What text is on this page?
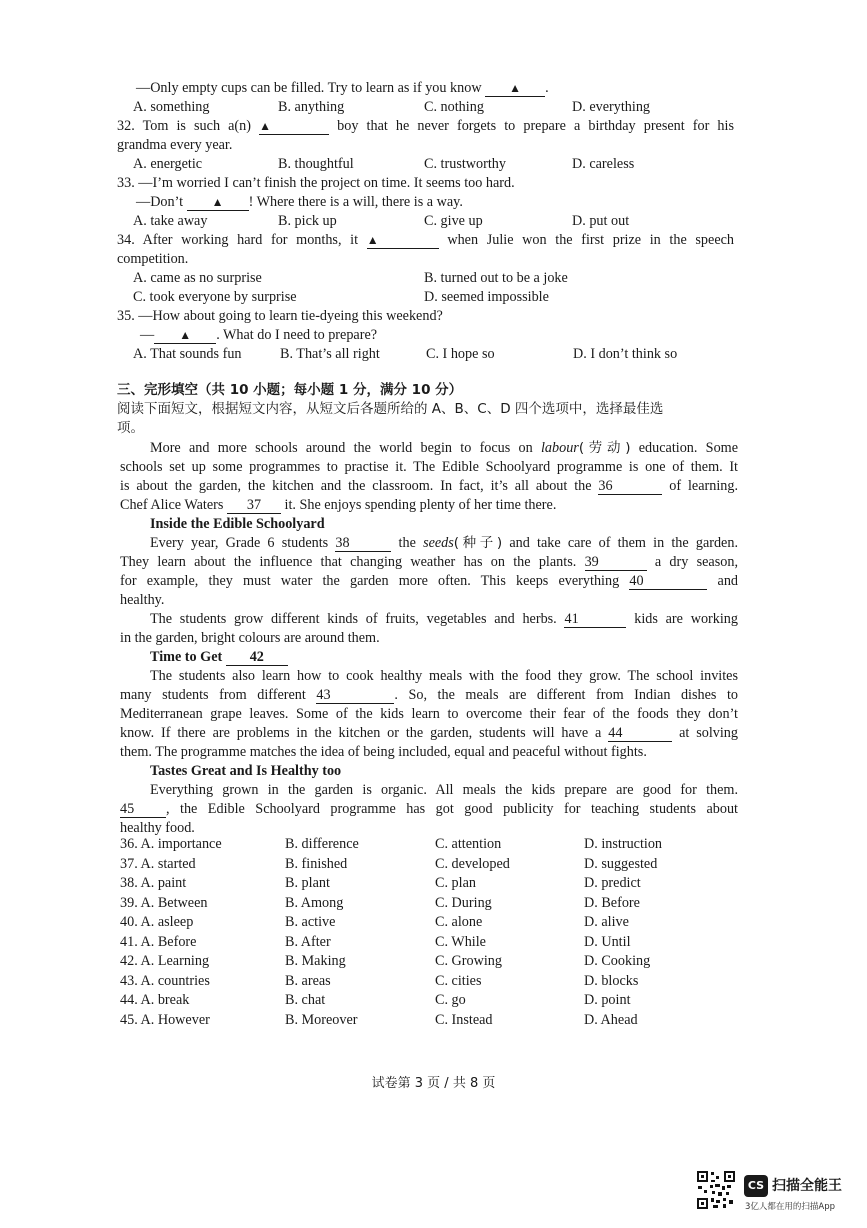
—Only empty cups can be filled. Try to learn as if you know ▲ .
A. something	B. anything	C. nothing	D. everything
32. Tom is such a(n) ▲	boy that he never forgets to prepare a birthday present for his
grandma every year.
A. energetic	B. thoughtful	C. trustworthy	D. careless
33. —I’m worried I can’t finish the project on time. It seems too hard.
—Don’t ▲ ! Where there is a will, there is a way.
A. take away	B. pick up	C. give up	D. put out
34. After working hard for months, it ▲	when Julie won the first prize in the speech
competition.
A. came as no surprise	B. turned out to be a joke
C. took everyone by surprise	D. seemed impossible
35. —How about going to learn tie-dyeing this weekend?
— ▲ . What do I need to prepare?
A. That sounds fun	B. That’s all right	C. I hope so	D. I don’t think so
三、完形填空（共 10 小题；每小题 1 分，满分 10 分）
阅读下面短文，根据短文内容，从短文后各题所给的 A、B、C、D 四个选项中，选择最佳选
项。
More and more schools around the world begin to focus on labour(劳动) education. Some
schools set up some programmes to practise it. The Edible Schoolyard programme is one of them. It
is about the garden, the kitchen and the classroom. In fact, it’s all about the 36	of learning.
Chef Alice Waters 37 it. She enjoys spending plenty of her time there.
Inside the Edible Schoolyard
Every year, Grade 6 students 38	the seeds(种子) and take care of them in the garden.
They learn about the influence that changing weather has on the plants. 39	a dry season,
for example, they must water the garden more often. This keeps everything 40	and
healthy.
The students grow different kinds of fruits, vegetables and herbs. 41	kids are working
in the garden, bright colours are around them.
Time to Get 42
The students also learn how to cook healthy meals with the food they grow. The school invites
many students from different 43	. So, the meals are different from Indian dishes to
Mediterranean grape leaves. Some of the kids learn to overcome their fear of the foods they don’t
know. If there are problems in the kitchen or the garden, students will have a 44	at solving
them. The programme matches the idea of being included, equal and peaceful without fights.
Tastes Great and Is Healthy too
Everything grown in the garden is organic. All meals the kids prepare are good for them.
45 , the Edible Schoolyard programme has got good publicity for teaching students about
healthy food.
36. A. importance	B. difference	C. attention	D. instruction
37. A. started	B. finished	C. developed	D. suggested
38. A. paint	B. plant	C. plan	D. predict
39. A. Between	B. Among	C. During	D. Before
40. A. asleep	B. active	C. alone	D. alive
41. A. Before	B. After	C. While	D. Until
42. A. Learning	B. Making	C. Growing	D. Cooking
43. A. countries	B. areas	C. cities	D. blocks
44. A. break	B. chat	C. go	D. point
45. A. However	B. Moreover	C. Instead	D. Ahead
试卷第 3 页 / 共 8 页
CS 扫描全能王
3亿人都在用的扫描App
